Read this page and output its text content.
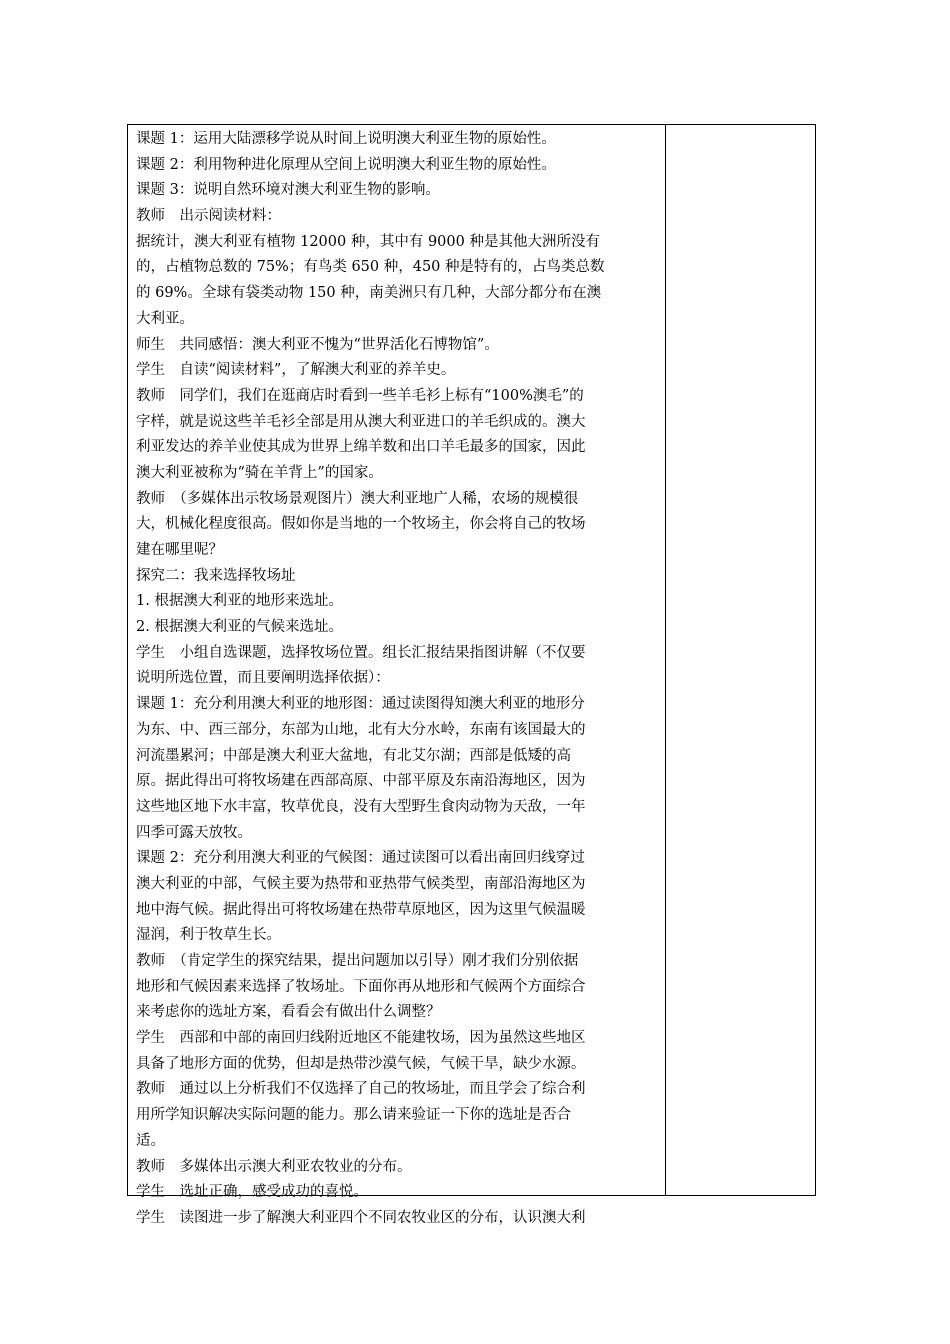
课题 1：运用大陆漂移学说从时间上说明澳大利亚生物的原始性。
课题 2：利用物种进化原理从空间上说明澳大利亚生物的原始性。
课题 3：说明自然环境对澳大利亚生物的影响。
教师　出示阅读材料：
据统计，澳大利亚有植物 12000 种，其中有 9000 种是其他大洲所没有
的，占植物总数的 75%；有鸟类 650 种，450 种是特有的，占鸟类总数
的 69%。全球有袋类动物 150 种，南美洲只有几种，大部分都分布在澳
大利亚。
师生　共同感悟：澳大利亚不愧为“世界活化石博物馆”。
学生　自读“阅读材料”，了解澳大利亚的养羊史。
教师　同学们，我们在逛商店时看到一些羊毛衫上标有“100%澳毛”的
字样，就是说这些羊毛衫全部是用从澳大利亚进口的羊毛织成的。澳大
利亚发达的养羊业使其成为世界上绵羊数和出口羊毛最多的国家，因此
澳大利亚被称为“骑在羊背上”的国家。
教师　（多媒体出示牧场景观图片）澳大利亚地广人稀，农场的规模很
大，机械化程度很高。假如你是当地的一个牧场主，你会将自己的牧场
建在哪里呢？
探究二：我来选择牧场址
1. 根据澳大利亚的地形来选址。
2. 根据澳大利亚的气候来选址。
学生　小组自选课题，选择牧场位置。组长汇报结果指图讲解（不仅要
说明所选位置，而且要阐明选择依据）：
课题 1：充分利用澳大利亚的地形图：通过读图得知澳大利亚的地形分
为东、中、西三部分，东部为山地，北有大分水岭，东南有该国最大的
河流墨累河；中部是澳大利亚大盆地，有北艾尔湖；西部是低矮的高
原。据此得出可将牧场建在西部高原、中部平原及东南沿海地区，因为
这些地区地下水丰富，牧草优良，没有大型野生食肉动物为天敌，一年
四季可露天放牧。
课题 2：充分利用澳大利亚的气候图：通过读图可以看出南回归线穿过
澳大利亚的中部，气候主要为热带和亚热带气候类型，南部沿海地区为
地中海气候。据此得出可将牧场建在热带草原地区，因为这里气候温暖
湿润，利于牧草生长。
教师　（肯定学生的探究结果，提出问题加以引导）刚才我们分别依据
地形和气候因素来选择了牧场址。下面你再从地形和气候两个方面综合
来考虑你的选址方案，看看会有做出什么调整？
学生　西部和中部的南回归线附近地区不能建牧场，因为虽然这些地区
具备了地形方面的优势，但却是热带沙漠气候，气候干旱，缺少水源。
教师　通过以上分析我们不仅选择了自己的牧场址，而且学会了综合利
用所学知识解决实际问题的能力。那么请来验证一下你的选址是否合
适。
教师　多媒体出示澳大利亚农牧业的分布。
学生　选址正确，感受成功的喜悦。
学生　读图进一步了解澳大利亚四个不同农牧业区的分布，认识澳大利
